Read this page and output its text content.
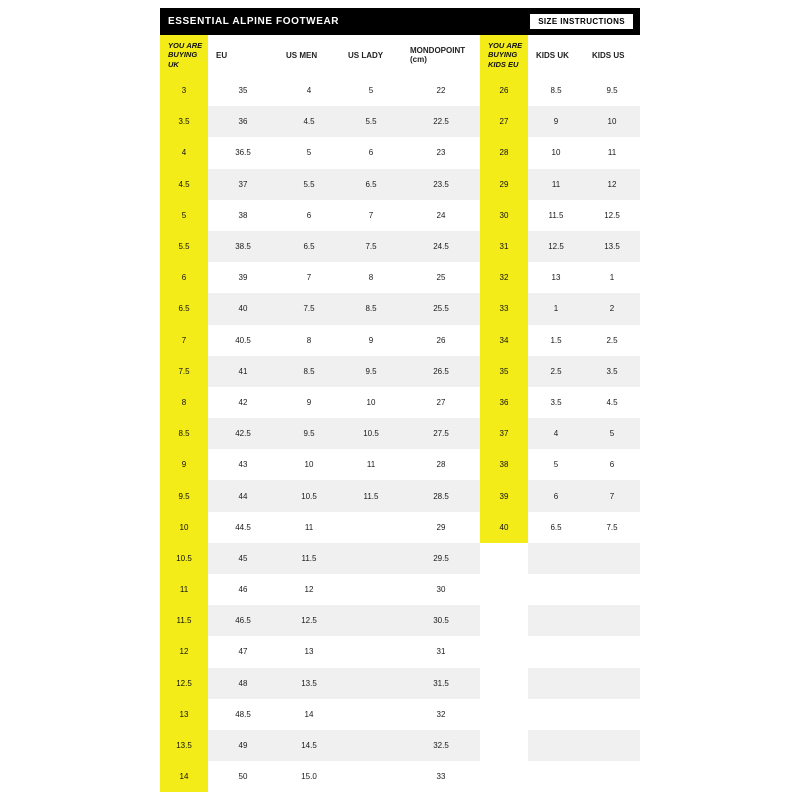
ESSENTIAL ALPINE FOOTWEAR	SIZE INSTRUCTIONS
YOU ARE
BUYING
UK	EU	US MEN	US LADY	MONDOPOINT
(cm)	YOU ARE
BUYING
KIDS EU	KIDS UK	KIDS US
3	35	4	5	22	26	8.5	9.5
3.5	36	4.5	5.5	22.5	27	9	10
4	36.5	5	6	23	28	10	11
4.5	37	5.5	6.5	23.5	29	11	12
5	38	6	7	24	30	11.5	12.5
5.5	38.5	6.5	7.5	24.5	31	12.5	13.5
6	39	7	8	25	32	13	1
6.5	40	7.5	8.5	25.5	33	1	2
7	40.5	8	9	26	34	1.5	2.5
7.5	41	8.5	9.5	26.5	35	2.5	3.5
8	42	9	10	27	36	3.5	4.5
8.5	42.5	9.5	10.5	27.5	37	4	5
9	43	10	11	28	38	5	6
9.5	44	10.5	11.5	28.5	39	6	7
10	44.5	11		29	40	6.5	7.5
10.5	45	11.5		29.5			
11	46	12		30			
11.5	46.5	12.5		30.5			
12	47	13		31			
12.5	48	13.5		31.5			
13	48.5	14		32			
13.5	49	14.5		32.5			
14	50	15.0		33			
